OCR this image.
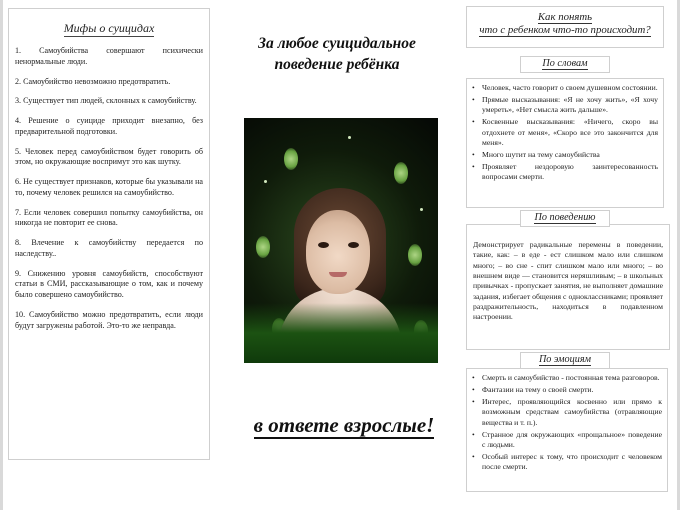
Мифы о суицидах

1. Самоубийства совершают психически ненормальные люди.

2. Самоубийство невозможно предотвратить.

3. Существует тип людей, склонных к самоубийству.

4. Решение о суициде приходит внезапно, без предварительной подготовки.

5. Человек перед самоубийством будет говорить об этом, но окружающие воспримут это как шутку.

6. Не существует признаков, которые бы указывали на то, почему человек решился на самоубийство.

7. Если человек совершил попытку самоубийства, он никогда не повторит ее снова.

8. Влечение к самоубийству передается по наследству..

9. Снижению уровня самоубийств, способствуют статьи в СМИ, рассказывающие о том, как и почему было совершено самоубийство.

10. Самоубийство можно предотвратить, если люди будут загружены работой. Это-то же неправда.

За любое суицидальное
поведение ребёнка
в ответе взрослые!
Как понять
что с ребенком что-то происходит?
По словам

• Человек, часто говорит о своем душевном состоянии.

• Прямые высказывания: «Я не хочу жить», «Я хочу умереть», «Нет смысла жить дальше».

• Косвенные высказывания: «Ничего, скоро вы отдохнете от меня», «Скоро все это закончится для меня».

• Много шутит на тему самоубийства

• Проявляет нездоровую заинтересованность вопросами смерти.

Демонстрирует радикальные перемены в поведении, такие, как: – в еде - ест слишком мало или слишком много; – во сне - спит слишком мало или много; – во внешнем виде — становится неряшливым; – в школьных привычках - пропускает занятия, не выполняет домашние задания, избегает общения с одноклассниками; проявляет раздражительность, находиться в подавленном настроении.

По поведению

• Смерть и самоубийство - постоянная тема разговоров.

• Фантазии на тему о своей смерти.

• Интерес, проявляющийся косвенно или прямо к возможным средствам самоубийства (отравляющие вещества и т. п.).

• Странное для окружающих «прощальное» поведение с людьми.

• Особый интерес к тому, что происходит с человеком после смерти.

По эмоциям
